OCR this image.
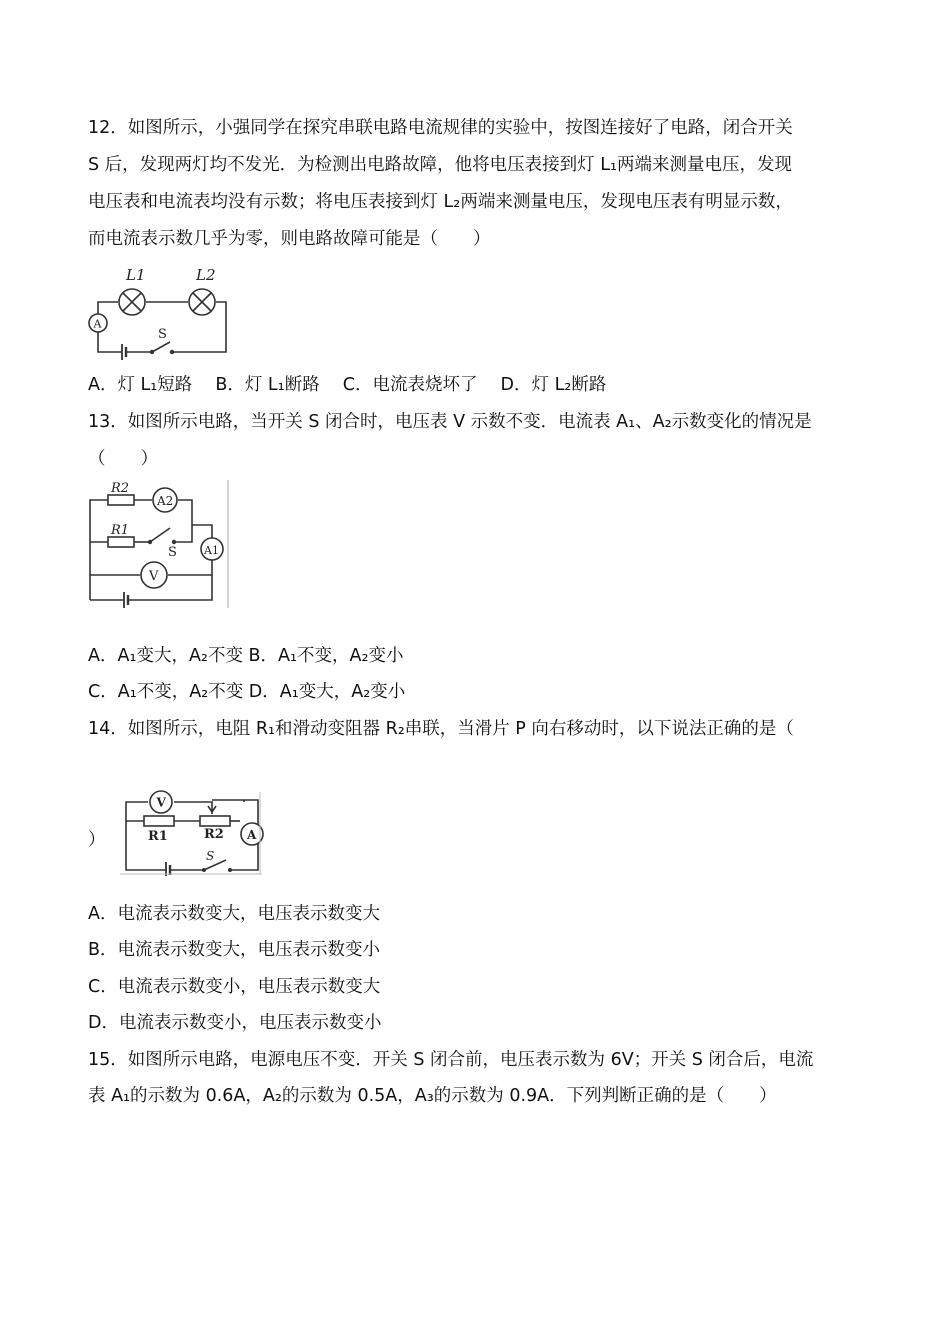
12．如图所示，小强同学在探究串联电路电流规律的实验中，按图连接好了电路，闭合开关
S 后，发现两灯均不发光．为检测出电路故障，他将电压表接到灯 L₁两端来测量电压，发现
电压表和电流表均没有示数；将电压表接到灯 L₂两端来测量电压，发现电压表有明显示数，
而电流表示数几乎为零，则电路故障可能是（　　）
L1	L2
A
S
A．灯 L₁短路　 B．灯 L₁断路　 C．电流表烧坏了　 D．灯 L₂断路
13．如图所示电路，当开关 S 闭合时，电压表 V 示数不变．电流表 A₁、A₂示数变化的情况是
（　　）
R2
R1
A2
A1
V
S
A．A₁变大，A₂不变 B．A₁不变，A₂变小
C．A₁不变，A₂不变 D．A₁变大，A₂变小
14．如图所示，电阻 R₁和滑动变阻器 R₂串联，当滑片 P 向右移动时，以下说法正确的是（
）
V
R1	R2 A
S
A．电流表示数变大，电压表示数变大
B．电流表示数变大，电压表示数变小
C．电流表示数变小，电压表示数变大
D．电流表示数变小，电压表示数变小
15．如图所示电路，电源电压不变．开关 S 闭合前，电压表示数为 6V；开关 S 闭合后，电流
表 A₁的示数为 0.6A，A₂的示数为 0.5A，A₃的示数为 0.9A．下列判断正确的是（　　）
